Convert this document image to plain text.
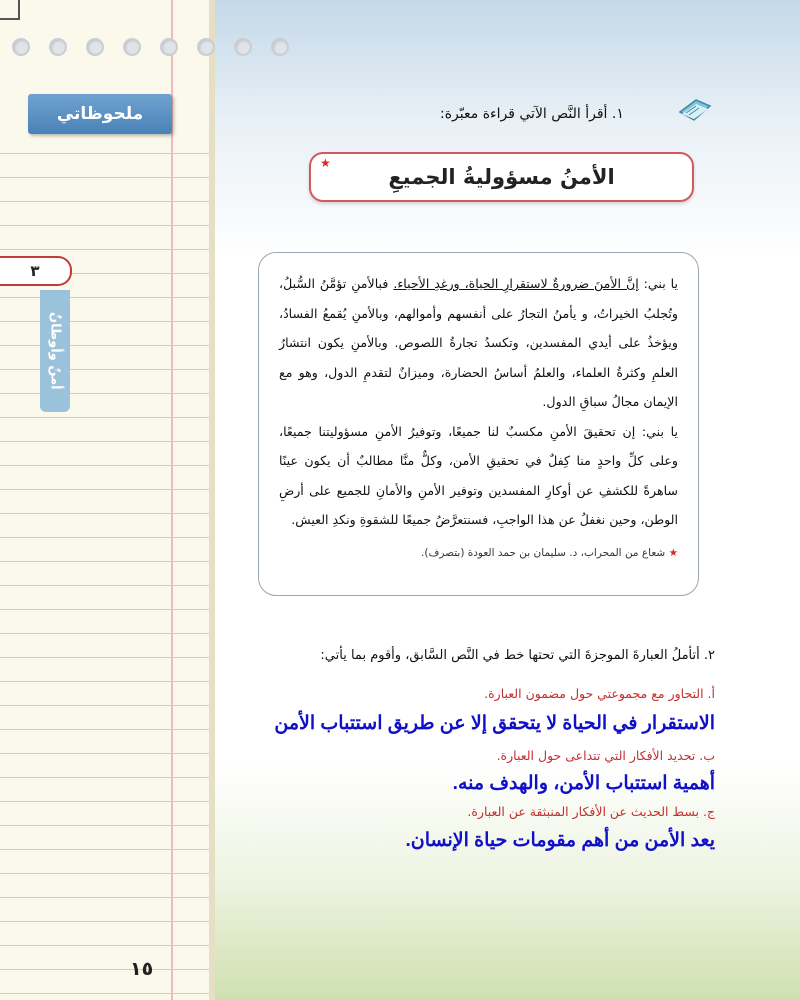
ملحوظاتي
٣
أمنٌ وأوطانٌ
١٥
١. أقرأ النَّص الآتي قراءة معبّرة:
الأمنُ مسؤوليةُ الجميعِ
★

يا بني: إنَّ الأمنَ ضرورةٌ لاستقرارِ الحياة، ورغدِ الأحياء. فبالأمنِ تؤمَّنُ السُّبلُ، وتُجلبُ الخيراتُ، و يأمنُ التجارُ على أنفسهم وأموالهم، وبالأمنِ يُقمعُ الفسادُ، ويؤخذُ على أيدي المفسدين، وتكسدُ تجارةُ اللصوص. وبالأمنِ يكون انتشارُ العلمِ وكثرةُ العلماء، والعلمُ أساسُ الحضارة، وميزانٌ لتقدمِ الدول، وهو مع الإيمان مجالُ سباقِ الدول.

يا بني: إن تحقيقَ الأمنِ مكسبٌ لنا جميعًا، وتوفيرُ الأمنِ مسؤوليتنا جميعًا، وعلى كلِّ واحدٍ منا كِفلٌ في تحقيقِ الأمن، وكلٌّ منَّا مطالبٌ أن يكون عينًا ساهرةً للكشفِ عن أوكارِ المفسدين وتوفير الأمنِ والأمانِ للجميع على أرضِ الوطن، وحين نغفلُ عن هذا الواجبِ، فسنتعرَّضُ جميعًا للشقوةِ ونكدِ العيش.

★ شعاع من المحراب، د. سليمان بن حمد العودة (بتصرف).
٢. أتأملُ العبارةَ الموجزةَ التي تحتها خط في النَّص السَّابق، وأقوم بما يأتي:
أ. التحاور مع مجموعتي حول مضمون العبارة.
الاستقرار في الحياة لا يتحقق إلا عن طريق استتباب الأمن
ب. تحديد الأفكار التي تتداعى حول العبارة.
أهمية استتباب الأمن، والهدف منه.
ج. بسط الحديث عن الأفكار المنبثقة عن العبارة.
يعد الأمن من أهم مقومات حياة الإنسان.
